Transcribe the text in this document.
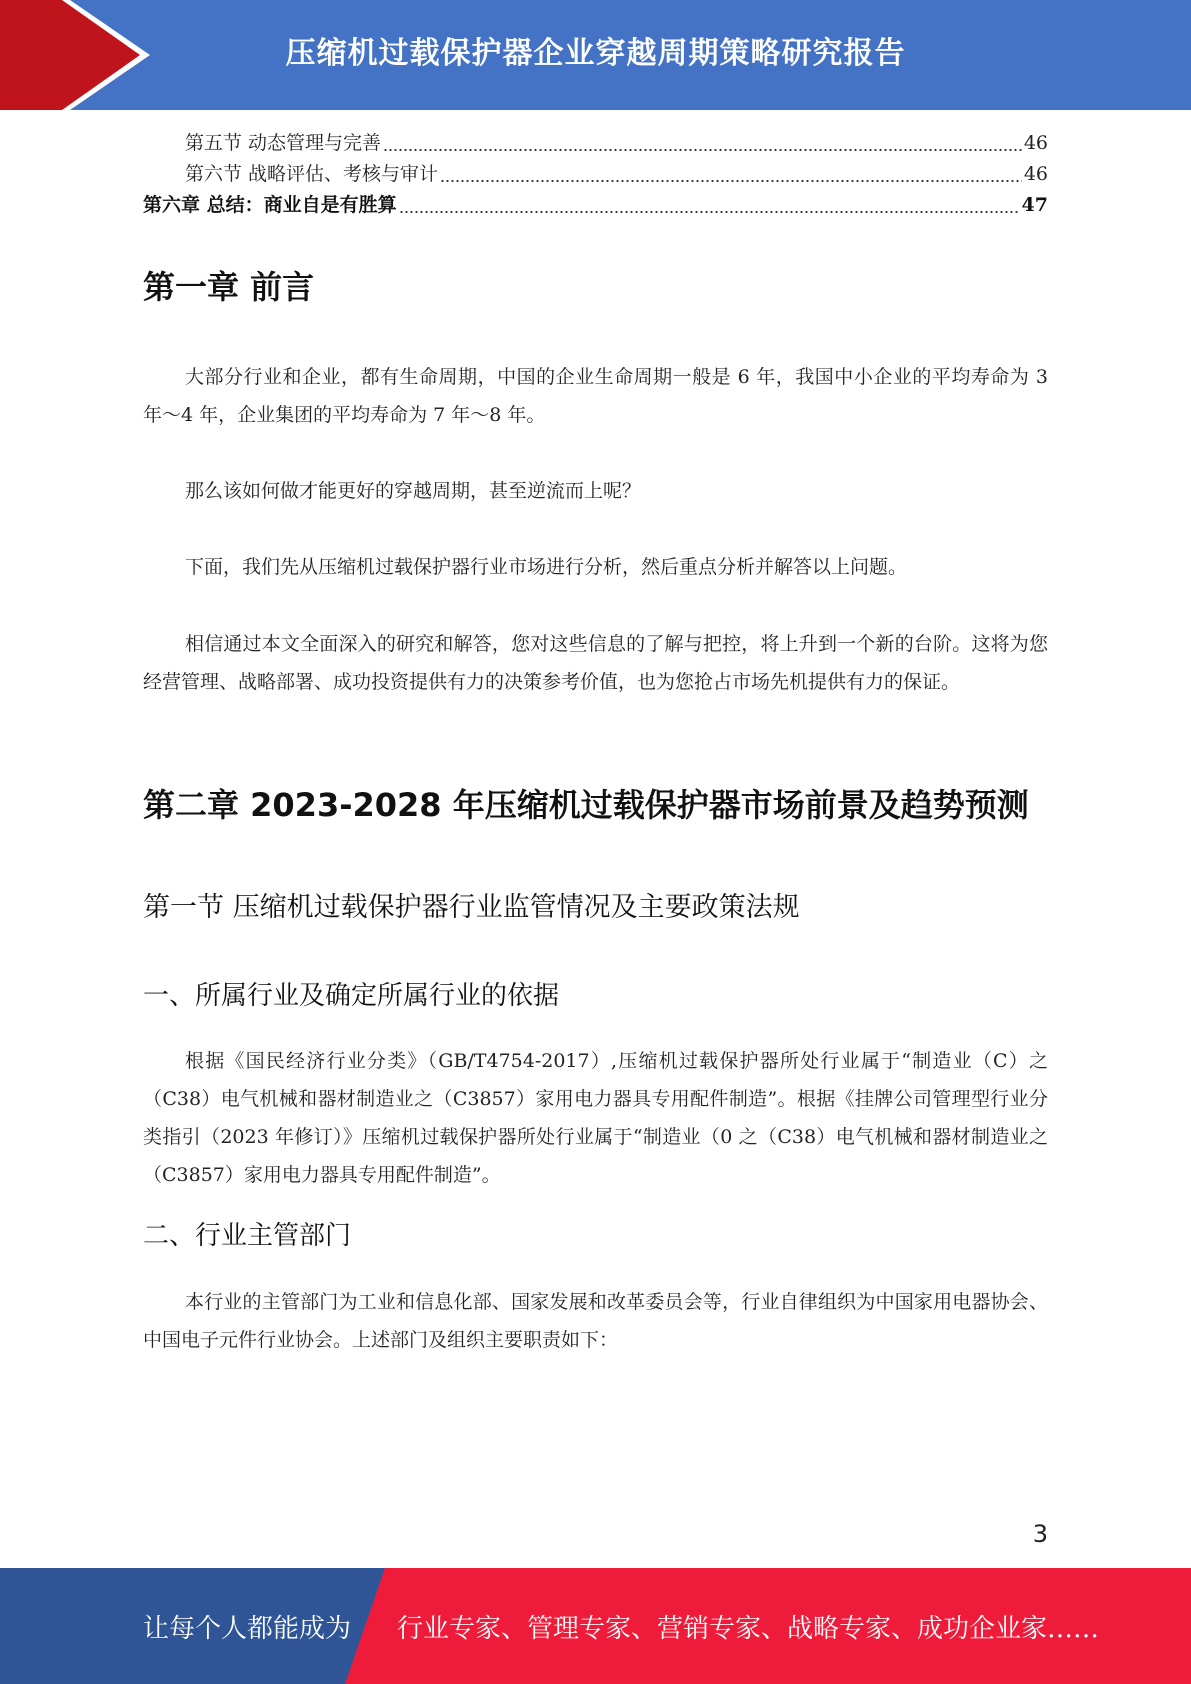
压缩机过载保护器企业穿越周期策略研究报告
第五节 动态管理与完善	46
第六节 战略评估、考核与审计	46
第六章 总结：商业自是有胜算	47
第一章 前言

大部分行业和企业，都有生命周期，中国的企业生命周期一般是 6 年，我国中小企业的平均寿命为 3 年～4 年，企业集团的平均寿命为 7 年～8 年。

那么该如何做才能更好的穿越周期，甚至逆流而上呢？

下面，我们先从压缩机过载保护器行业市场进行分析，然后重点分析并解答以上问题。

相信通过本文全面深入的研究和解答，您对这些信息的了解与把控，将上升到一个新的台阶。这将为您经营管理、战略部署、成功投资提供有力的决策参考价值，也为您抢占市场先机提供有力的保证。

第二章 2023-2028 年压缩机过载保护器市场前景及趋势预测
第一节 压缩机过载保护器行业监管情况及主要政策法规
一、所属行业及确定所属行业的依据

根据《国民经济行业分类》（GB/T4754-2017）,压缩机过载保护器所处行业属于“制造业（C）之（C38）电气机械和器材制造业之（C3857）家用电力器具专用配件制造”。根据《挂牌公司管理型行业分类指引（2023 年修订）》压缩机过载保护器所处行业属于“制造业（0 之（C38）电气机械和器材制造业之（C3857）家用电力器具专用配件制造”。

二、行业主管部门

本行业的主管部门为工业和信息化部、国家发展和改革委员会等，行业自律组织为中国家用电器协会、中国电子元件行业协会。上述部门及组织主要职责如下：

3
让每个人都能成为 行业专家、管理专家、营销专家、战略专家、成功企业家……
